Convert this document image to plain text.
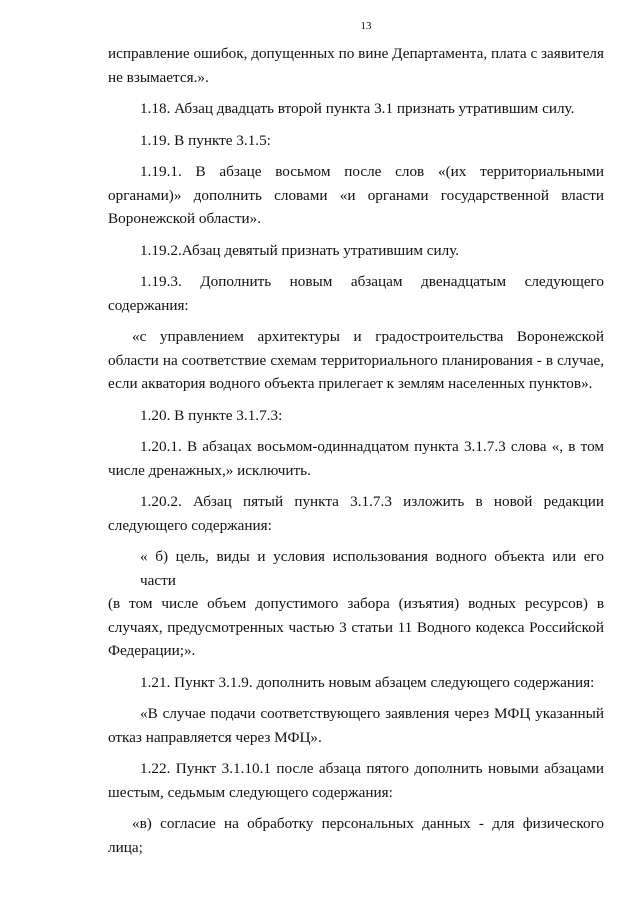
13
исправление ошибок, допущенных по вине Департамента, плата с заявителя
не взымается.».
1.18. Абзац двадцать второй пункта 3.1 признать утратившим силу.
1.19. В пункте 3.1.5:
1.19.1. В абзаце восьмом после слов «(их территориальными
органами)» дополнить словами «и органами государственной власти
Воронежской области».
1.19.2.Абзац девятый признать утратившим силу.
1.19.3. Дополнить новым абзацам двенадцатым следующего
содержания:
«с управлением архитектуры и градостроительства Воронежской
области на соответствие схемам территориального планирования - в случае,
если акватория водного объекта прилегает к землям населенных пунктов».
1.20. В пункте 3.1.7.3:
1.20.1. В абзацах восьмом-одиннадцатом пункта 3.1.7.3 слова «, в том
числе дренажных,» исключить.
1.20.2. Абзац пятый пункта 3.1.7.3 изложить в новой редакции
следующего содержания:
« б) цель, виды и условия использования водного объекта или его части
(в том числе объем допустимого забора (изъятия) водных ресурсов) в
случаях, предусмотренных частью 3 статьи 11 Водного кодекса Российской
Федерации;».
1.21. Пункт 3.1.9. дополнить новым абзацем следующего содержания:
«В случае подачи соответствующего заявления через МФЦ указанный
отказ направляется через МФЦ».
1.22. Пункт 3.1.10.1 после абзаца пятого дополнить новыми абзацами
шестым, седьмым следующего содержания:
«в) согласие на обработку персональных данных - для физического
лица;
